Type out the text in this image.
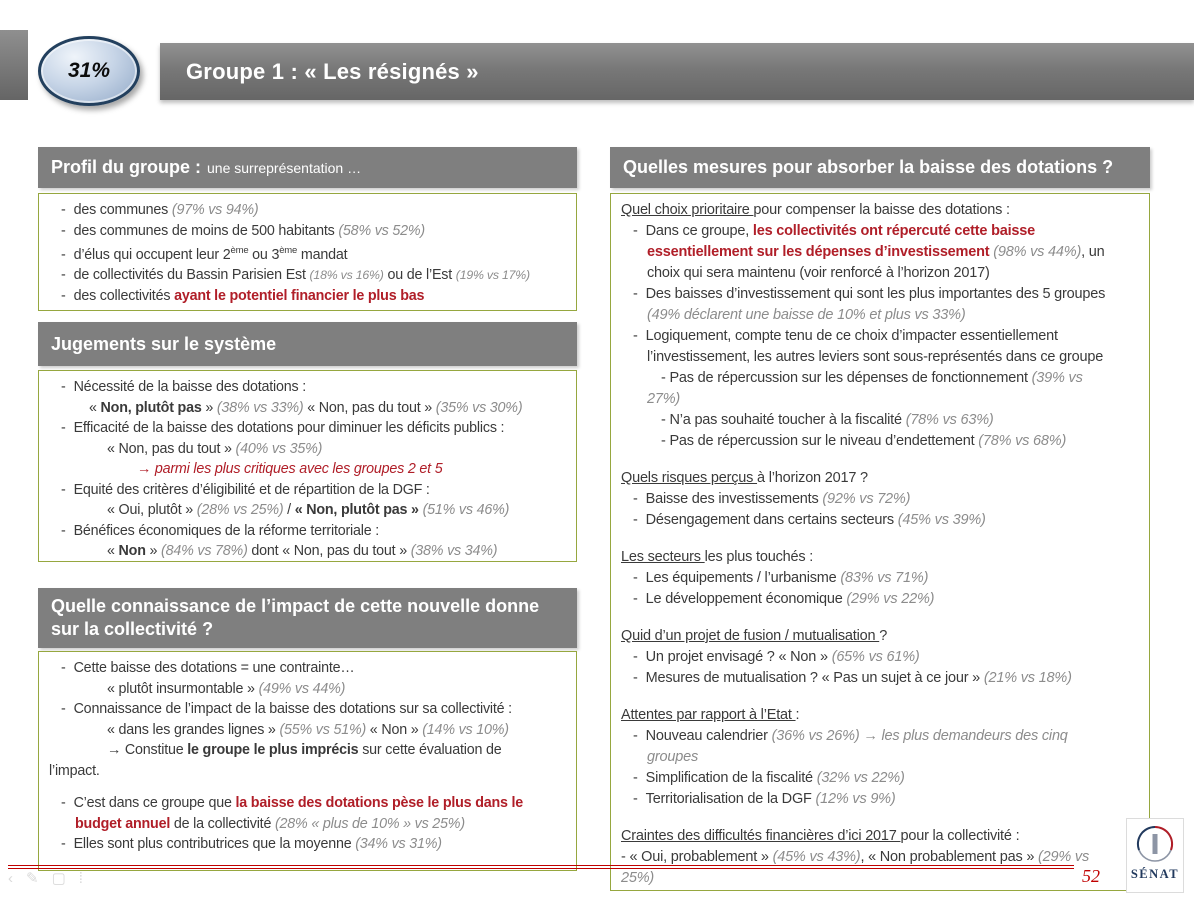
Groupe 1 : « Les résignés »
31%
Profil du groupe : une surreprésentation …
- des communes (97% vs 94%)
- des communes de moins de 500 habitants (58% vs 52%)
- d’élus qui occupent leur 2ème ou 3ème mandat
- de collectivités du Bassin Parisien Est (18% vs 16%) ou de l’Est (19% vs 17%)
- des collectivités ayant le potentiel financier le plus bas
Jugements sur le système
- Nécessité de la baisse des dotations :
« Non, plutôt pas » (38% vs 33%) « Non, pas du tout » (35% vs 30%)
- Efficacité de la baisse des dotations pour diminuer les déficits publics :
« Non, pas du tout » (40% vs 35%)
→ parmi les plus critiques avec les groupes 2 et 5
- Equité des critères d’éligibilité et de répartition de la DGF :
« Oui, plutôt » (28% vs 25%) / « Non, plutôt pas » (51% vs 46%)
- Bénéfices économiques de la réforme territoriale :
« Non » (84% vs 78%) dont « Non, pas du tout » (38% vs 34%)
Quelle connaissance de l’impact de cette nouvelle donne sur la collectivité ?
- Cette baisse des dotations = une contrainte…
« plutôt insurmontable » (49% vs 44%)
- Connaissance de l’impact de la baisse des dotations sur sa collectivité :
« dans les grandes lignes » (55% vs 51%) « Non » (14% vs 10%)
→ Constitue le groupe le plus imprécis sur cette évaluation de
l’impact.
- C’est dans ce groupe que la baisse des dotations pèse le plus dans le
budget annuel de la collectivité (28% « plus de 10% » vs 25%)
- Elles sont plus contributrices que la moyenne (34% vs 31%)
Quelles mesures pour absorber la baisse des dotations ?
Quel choix prioritaire pour compenser la baisse des dotations :
- Dans ce groupe, les collectivités ont répercuté cette baisse
essentiellement sur les dépenses d’investissement (98% vs 44%), un
choix qui sera maintenu (voir renforcé à l’horizon 2017)
- Des baisses d’investissement qui sont les plus importantes des 5 groupes
(49% déclarent une baisse de 10% et plus vs 33%)
- Logiquement, compte tenu de ce choix d’impacter essentiellement
l’investissement, les autres leviers sont sous-représentés dans ce groupe
- Pas de répercussion sur les dépenses de fonctionnement (39% vs
27%)
- N’a pas souhaité toucher à la fiscalité (78% vs 63%)
- Pas de répercussion sur le niveau d’endettement (78% vs 68%)
Quels risques perçus à l’horizon 2017 ?
- Baisse des investissements (92% vs 72%)
- Désengagement dans certains secteurs (45% vs 39%)
Les secteurs les plus touchés :
- Les équipements / l’urbanisme (83% vs 71%)
- Le développement économique (29% vs 22%)
Quid d’un projet de fusion / mutualisation ?
- Un projet envisagé ? « Non » (65% vs 61%)
- Mesures de mutualisation ? « Pas un sujet à ce jour » (21% vs 18%)
Attentes par rapport à l’Etat :
- Nouveau calendrier (36% vs 26%) → les plus demandeurs des cinq
groupes
- Simplification de la fiscalité (32% vs 22%)
- Territorialisation de la DGF (12% vs 9%)
Craintes des difficultés financières d’ici 2017 pour la collectivité :
- « Oui, probablement » (45% vs 43%), « Non probablement pas » (29% vs
25%)	52 SÉNAT
‹ ✎ ▢ ⁞
